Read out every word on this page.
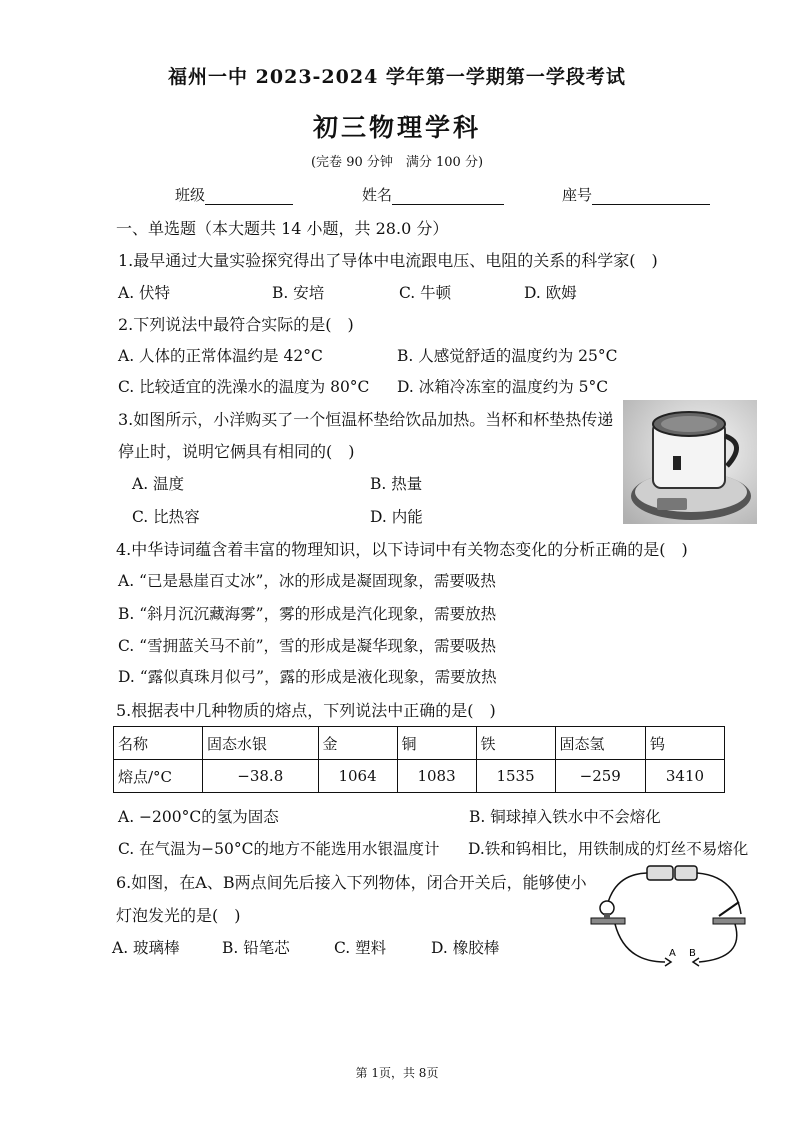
福州一中 2023-2024 学年第一学期第一学段考试
初三物理学科
(完卷 90 分钟　满分 100 分)
班级	姓名	座号
一、单选题（本大题共 14 小题，共 28.0 分）
1.最早通过大量实验探究得出了导体中电流跟电压、电阻的关系的科学家(　)
A. 伏特	B. 安培	C. 牛顿	D. 欧姆
2.下列说法中最符合实际的是(　)
A. 人体的正常体温约是 42°C	B. 人感觉舒适的温度约为 25°C
C. 比较适宜的洗澡水的温度为 80°C D. 冰箱冷冻室的温度约为 5°C
3.如图所示，小洋购买了一个恒温杯垫给饮品加热。当杯和杯垫热传递
停止时，说明它俩具有相同的(　)
A. 温度	B. 热量
C. 比热容	D. 内能
4.中华诗词蕴含着丰富的物理知识，以下诗词中有关物态变化的分析正确的是(　)
A. “已是悬崖百丈冰”，冰的形成是凝固现象，需要吸热
B. “斜月沉沉藏海雾”，雾的形成是汽化现象，需要放热
C. “雪拥蓝关马不前”，雪的形成是凝华现象，需要吸热
D. “露似真珠月似弓”，露的形成是液化现象，需要放热
5.根据表中几种物质的熔点，下列说法中正确的是(　)
名称	固态水银	金	铜	铁	固态氢	钨
熔点/°C	−38.8	1064	1083	1535	−259	3410
A. −200°C的氢为固态	B. 铜球掉入铁水中不会熔化
C. 在气温为−50°C的地方不能选用水银温度计 D.铁和钨相比，用铁制成的灯丝不易熔化
6.如图，在A、B两点间先后接入下列物体，闭合开关后，能够使小
灯泡发光的是(　)
A. 玻璃棒	B. 铅笔芯	C. 塑料	D. 橡胶棒	A B
第 1页，共 8页
